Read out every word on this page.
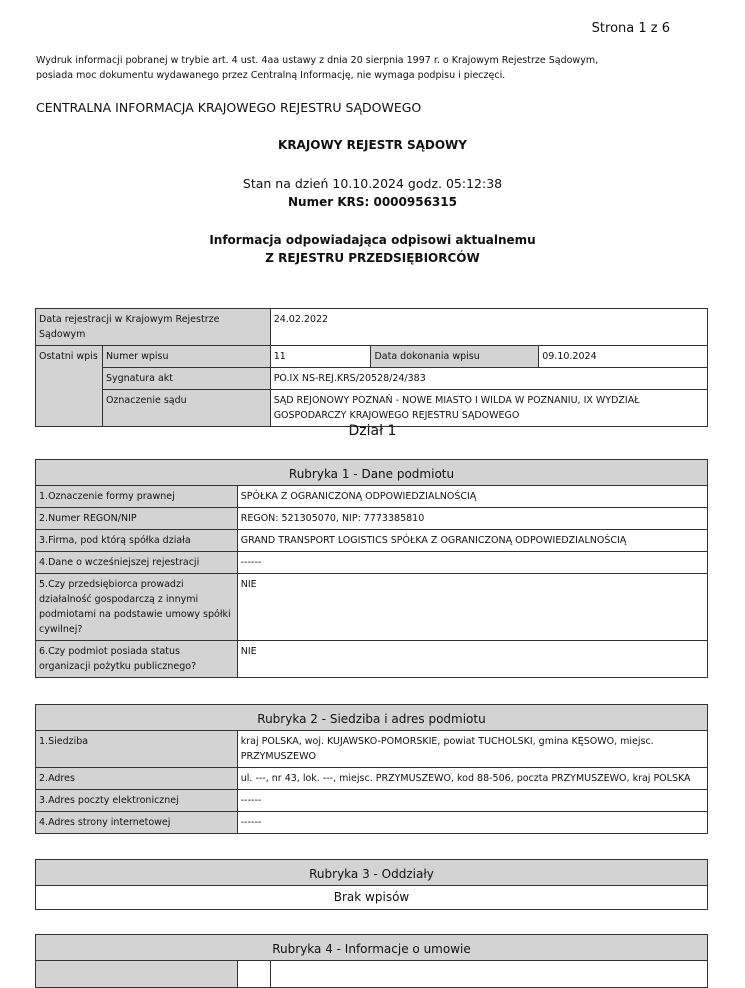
Strona 1 z 6
Wydruk informacji pobranej w trybie art. 4 ust. 4aa ustawy z dnia 20 sierpnia 1997 r. o Krajowym Rejestrze Sądowym,
posiada moc dokumentu wydawanego przez Centralną Informację, nie wymaga podpisu i pieczęci.
CENTRALNA INFORMACJA KRAJOWEGO REJESTRU SĄDOWEGO
KRAJOWY REJESTR SĄDOWY
Stan na dzień 10.10.2024 godz. 05:12:38
Numer KRS: 0000956315
Informacja odpowiadająca odpisowi aktualnemu
Z REJESTRU PRZEDSIĘBIORCÓW
Data rejestracji w Krajowym Rejestrze Sądowym		24.02.2022		
Ostatni wpis	Numer wpisu	11	Data dokonania wpisu	09.10.2024
	Sygnatura akt	PO.IX NS-REJ.KRS/20528/24/383		
	Oznaczenie sądu	SĄD REJONOWY POZNAŃ - NOWE MIASTO I WILDA W POZNANIU, IX WYDZIAŁ GOSPODARCZY KRAJOWEGO REJESTRU SĄDOWEGO		
Dział 1
Rubryka 1 - Dane podmiotu	
1.Oznaczenie formy prawnej	SPÓŁKA Z OGRANICZONĄ ODPOWIEDZIALNOŚCIĄ
2.Numer REGON/NIP	REGON: 521305070, NIP: 7773385810
3.Firma, pod którą spółka działa	GRAND TRANSPORT LOGISTICS SPÓŁKA Z OGRANICZONĄ ODPOWIEDZIALNOŚCIĄ
4.Dane o wcześniejszej rejestracji	------
5.Czy przedsiębiorca prowadzi działalność gospodarczą z innymi podmiotami na podstawie umowy spółki cywilnej?	NIE
6.Czy podmiot posiada status organizacji pożytku publicznego?	NIE
Rubryka 2 - Siedziba i adres podmiotu	
1.Siedziba	kraj POLSKA, woj. KUJAWSKO-POMORSKIE, powiat TUCHOLSKI, gmina KĘSOWO, miejsc. PRZYMUSZEWO
2.Adres	ul. ---, nr 43, lok. ---, miejsc. PRZYMUSZEWO, kod 88-506, poczta PRZYMUSZEWO, kraj POLSKA
3.Adres poczty elektronicznej	------
4.Adres strony internetowej	------
Rubryka 3 - Oddziały
Brak wpisów
Rubryka 4 - Informacje o umowie
